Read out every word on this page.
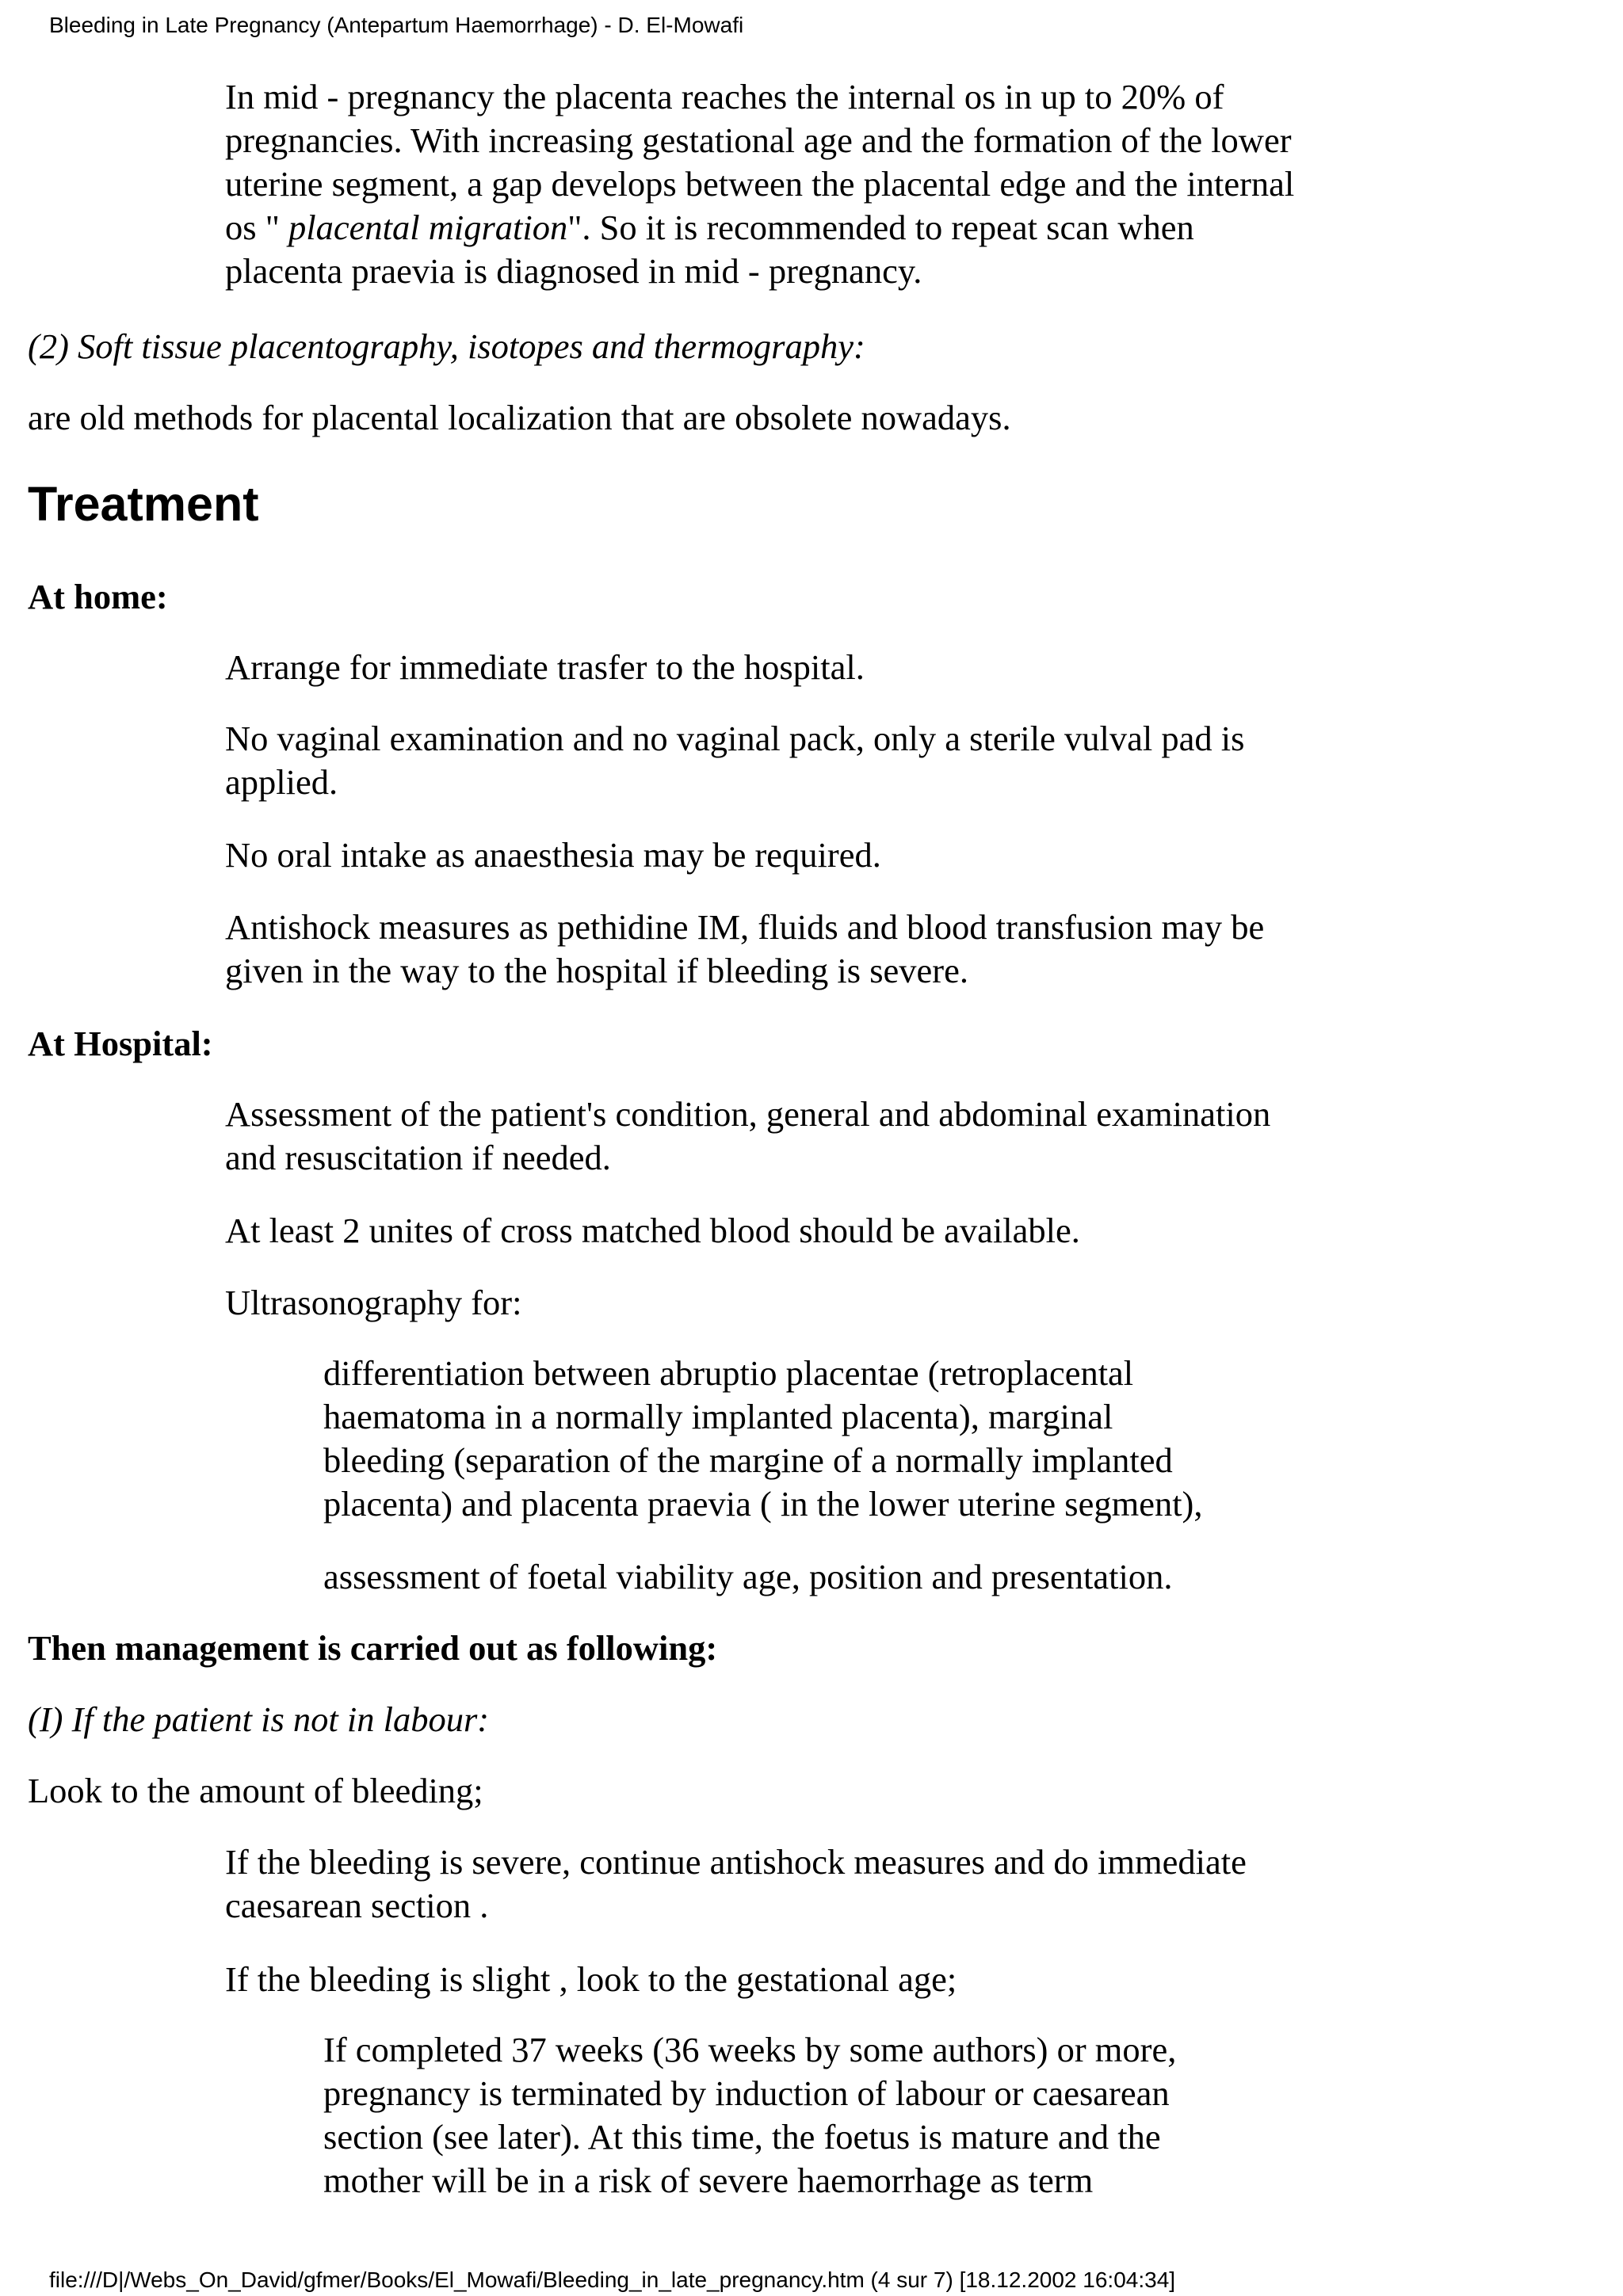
Bleeding in Late Pregnancy (Antepartum Haemorrhage) - D. El-Mowafi

In mid - pregnancy the placenta reaches the internal os in up to 20% of
pregnancies. With increasing gestational age and the formation of the lower
uterine segment, a gap develops between the placental edge and the internal
os " placental migration". So it is recommended to repeat scan when
placenta praevia is diagnosed in mid - pregnancy.

(2) Soft tissue placentography, isotopes and thermography:

are old methods for placental localization that are obsolete nowadays.

Treatment

At home:

Arrange for immediate trasfer to the hospital.

No vaginal examination and no vaginal pack, only a sterile vulval pad is
applied.

No oral intake as anaesthesia may be required.

Antishock measures as pethidine IM, fluids and blood transfusion may be
given in the way to the hospital if bleeding is severe.

At Hospital:

Assessment of the patient's condition, general and abdominal examination
and resuscitation if needed.

At least 2 unites of cross matched blood should be available.

Ultrasonography for:

differentiation between abruptio placentae (retroplacental
haematoma in a normally implanted placenta), marginal
bleeding (separation of the margine of a normally implanted
placenta) and placenta praevia ( in the lower uterine segment),

assessment of foetal viability age, position and presentation.

Then management is carried out as following:

(I) If the patient is not in labour:

Look to the amount of bleeding;

If the bleeding is severe, continue antishock measures and do immediate
caesarean section .

If the bleeding is slight , look to the gestational age;

If completed 37 weeks (36 weeks by some authors) or more,
pregnancy is terminated by induction of labour or caesarean
section (see later). At this time, the foetus is mature and the
mother will be in a risk of severe haemorrhage as term

file:///D|/Webs_On_David/gfmer/Books/El_Mowafi/Bleeding_in_late_pregnancy.htm (4 sur 7) [18.12.2002 16:04:34]
